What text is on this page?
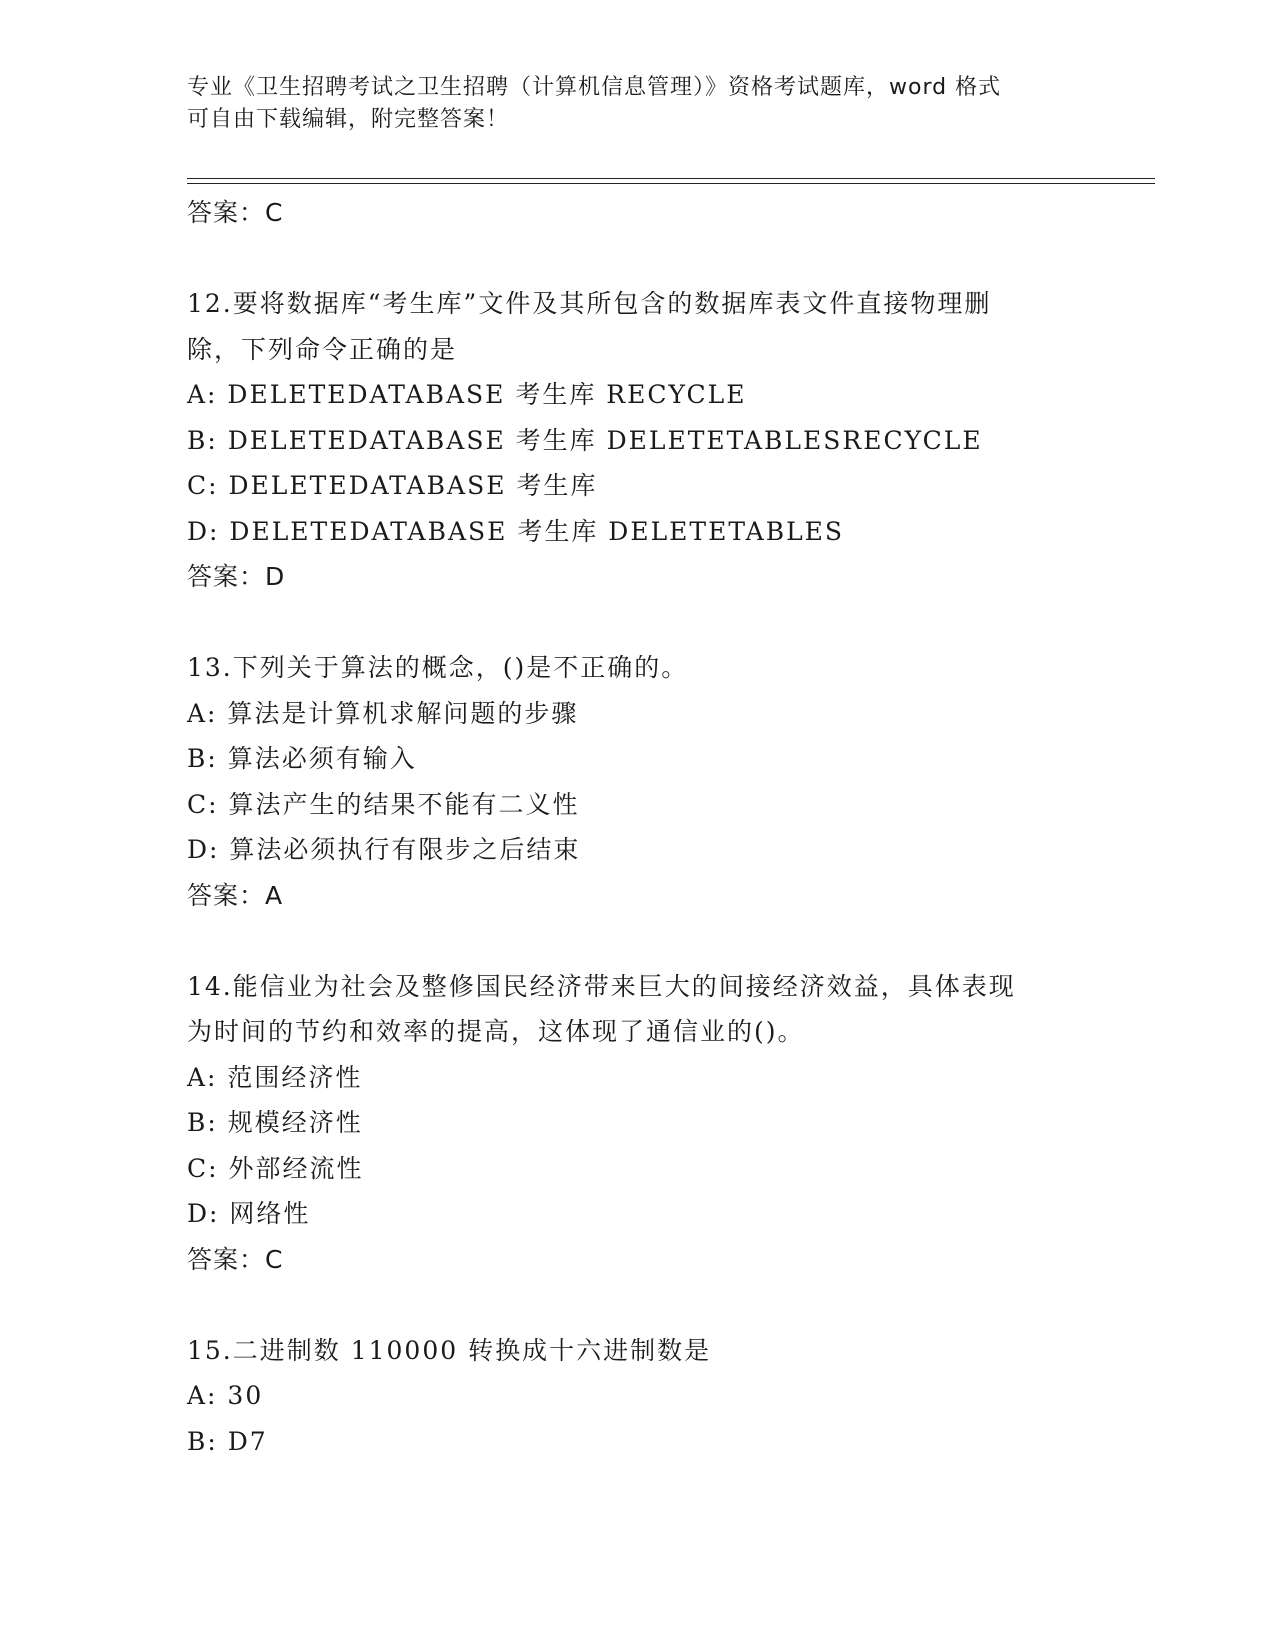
专业《卫生招聘考试之卫生招聘（计算机信息管理）》资格考试题库，word 格式
可自由下载编辑，附完整答案！
答案：C
12.要将数据库“考生库”文件及其所包含的数据库表文件直接物理删
除，下列命令正确的是
A: DELETEDATABASE 考生库 RECYCLE
B: DELETEDATABASE 考生库 DELETETABLESRECYCLE
C: DELETEDATABASE 考生库
D: DELETEDATABASE 考生库 DELETETABLES
答案：D
13.下列关于算法的概念，()是不正确的。
A: 算法是计算机求解问题的步骤
B: 算法必须有输入
C: 算法产生的结果不能有二义性
D: 算法必须执行有限步之后结束
答案：A
14.能信业为社会及整修国民经济带来巨大的间接经济效益，具体表现
为时间的节约和效率的提高，这体现了通信业的()。
A: 范围经济性
B: 规模经济性
C: 外部经流性
D: 网络性
答案：C
15.二进制数 110000 转换成十六进制数是
A: 30
B: D7
